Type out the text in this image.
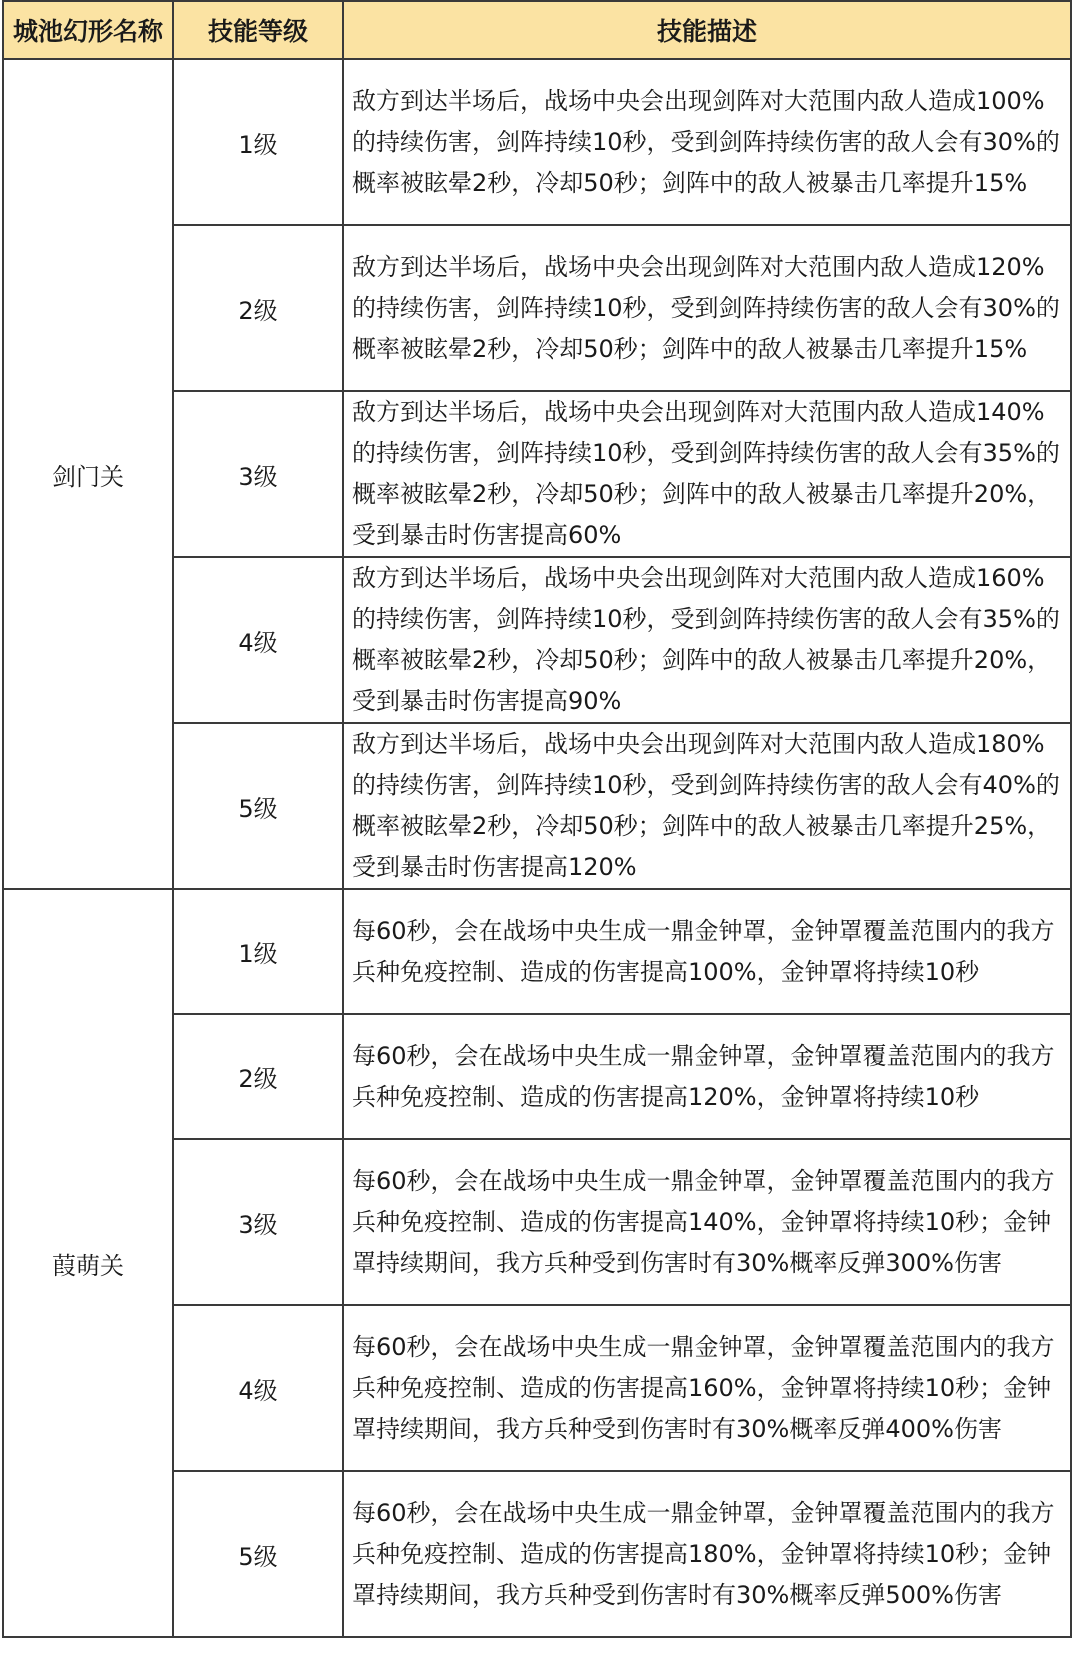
城池幻形名称	技能等级	技能描述
剑门关	1级	敌方到达半场后，战场中央会出现剑阵对大范围内敌人造成100%的持续伤害，剑阵持续10秒，受到剑阵持续伤害的敌人会有30%的概率被眩晕2秒，冷却50秒；剑阵中的敌人被暴击几率提升15%
	2级	敌方到达半场后，战场中央会出现剑阵对大范围内敌人造成120%的持续伤害，剑阵持续10秒，受到剑阵持续伤害的敌人会有30%的概率被眩晕2秒，冷却50秒；剑阵中的敌人被暴击几率提升15%
	3级	敌方到达半场后，战场中央会出现剑阵对大范围内敌人造成140%的持续伤害，剑阵持续10秒，受到剑阵持续伤害的敌人会有35%的概率被眩晕2秒，冷却50秒；剑阵中的敌人被暴击几率提升20%，受到暴击时伤害提高60%
	4级	敌方到达半场后，战场中央会出现剑阵对大范围内敌人造成160%的持续伤害，剑阵持续10秒，受到剑阵持续伤害的敌人会有35%的概率被眩晕2秒，冷却50秒；剑阵中的敌人被暴击几率提升20%，受到暴击时伤害提高90%
	5级	敌方到达半场后，战场中央会出现剑阵对大范围内敌人造成180%的持续伤害，剑阵持续10秒，受到剑阵持续伤害的敌人会有40%的概率被眩晕2秒，冷却50秒；剑阵中的敌人被暴击几率提升25%，受到暴击时伤害提高120%
葭萌关	1级	每60秒，会在战场中央生成一鼎金钟罩，金钟罩覆盖范围内的我方兵种免疫控制、造成的伤害提高100%，金钟罩将持续10秒
	2级	每60秒，会在战场中央生成一鼎金钟罩，金钟罩覆盖范围内的我方兵种免疫控制、造成的伤害提高120%，金钟罩将持续10秒
	3级	每60秒，会在战场中央生成一鼎金钟罩，金钟罩覆盖范围内的我方兵种免疫控制、造成的伤害提高140%，金钟罩将持续10秒；金钟罩持续期间，我方兵种受到伤害时有30%概率反弹300%伤害
	4级	每60秒，会在战场中央生成一鼎金钟罩，金钟罩覆盖范围内的我方兵种免疫控制、造成的伤害提高160%，金钟罩将持续10秒；金钟罩持续期间，我方兵种受到伤害时有30%概率反弹400%伤害
	5级	每60秒，会在战场中央生成一鼎金钟罩，金钟罩覆盖范围内的我方兵种免疫控制、造成的伤害提高180%，金钟罩将持续10秒；金钟罩持续期间，我方兵种受到伤害时有30%概率反弹500%伤害
